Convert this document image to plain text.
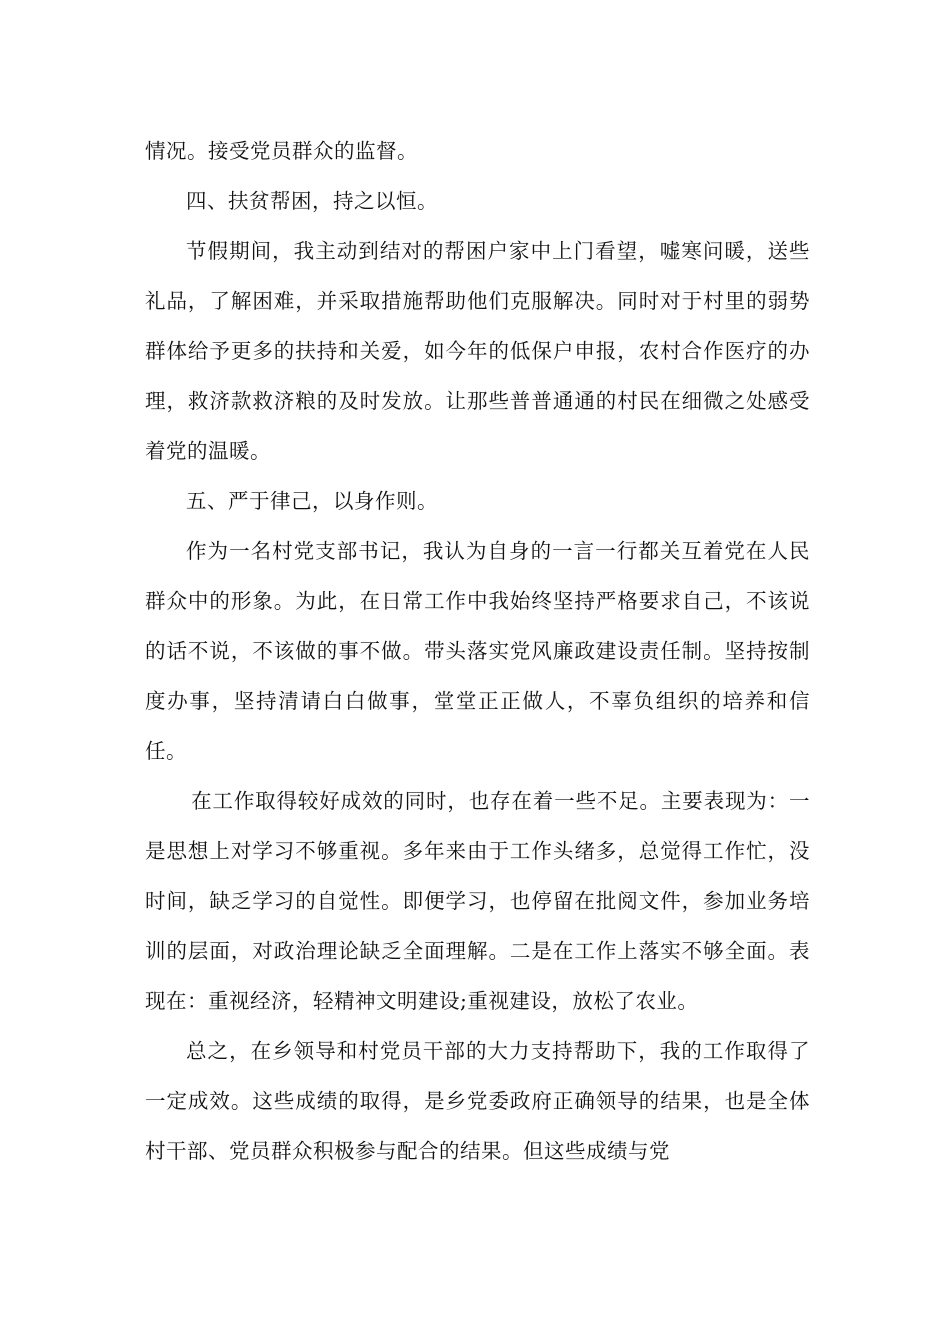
情况。接受党员群众的监督。

四、扶贫帮困，持之以恒。

节假期间，我主动到结对的帮困户家中上门看望，嘘寒问暖，送些礼品，了解困难，并采取措施帮助他们克服解决。同时对于村里的弱势群体给予更多的扶持和关爱，如今年的低保户申报，农村合作医疗的办理，救济款救济粮的及时发放。让那些普普通通的村民在细微之处感受着党的温暖。

五、严于律己，以身作则。

作为一名村党支部书记，我认为自身的一言一行都关互着党在人民群众中的形象。为此，在日常工作中我始终坚持严格要求自己，不该说的话不说，不该做的事不做。带头落实党风廉政建设责任制。坚持按制度办事，坚持清请白白做事，堂堂正正做人，不辜负组织的培养和信任。

在工作取得较好成效的同时，也存在着一些不足。主要表现为：一是思想上对学习不够重视。多年来由于工作头绪多，总觉得工作忙，没时间，缺乏学习的自觉性。即便学习，也停留在批阅文件，参加业务培训的层面，对政治理论缺乏全面理解。二是在工作上落实不够全面。表现在：重视经济，轻精神文明建设;重视建设，放松了农业。

总之，在乡领导和村党员干部的大力支持帮助下，我的工作取得了一定成效。这些成绩的取得，是乡党委政府正确领导的结果，也是全体村干部、党员群众积极参与配合的结果。但这些成绩与党
